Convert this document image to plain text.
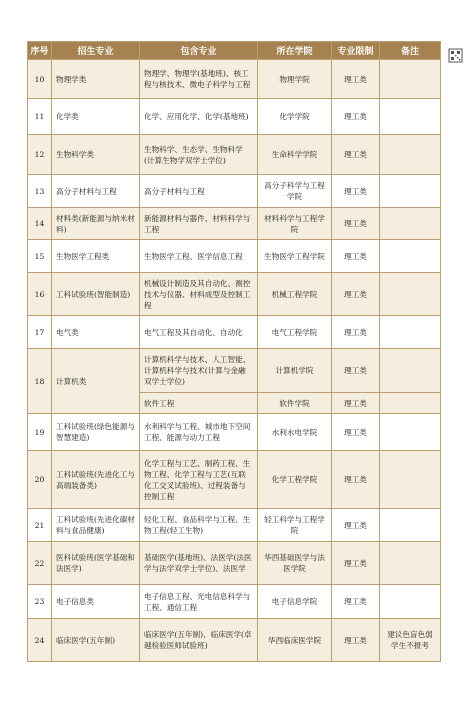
序号	招生专业	包含专业	所在学院	专业限制	备注
10	物理学类	物理学、物理学(基地班)、核工程与核技术、微电子科学与工程	物理学院	理工类	
11	化学类	化学、应用化学、化学(基地班)	化学学院	理工类	
12	生物科学类	生物科学、生态学、生物科学(计算生物学双学士学位)	生命科学学院	理工类	
13	高分子材料与工程	高分子材料与工程	高分子科学与工程学院	理工类	
14	材料类(新能源与纳米材料)	新能源材料与器件、材料科学与工程	材料科学与工程学院	理工类	
15	生物医学工程类	生物医学工程、医学信息工程	生物医学工程学院	理工类	
16	工科试验班(智能制造)	机械设计制造及其自动化、测控技术与仪器、材料成型及控制工程	机械工程学院	理工类	
17	电气类	电气工程及其自动化、自动化	电气工程学院	理工类	
18	计算机类	计算机科学与技术、人工智能、计算机科学与技术(计算与金融双学士学位)	计算机学院	理工类	
		软件工程	软件学院	理工类	
19	工科试验班(绿色能源与智慧建造)	水利科学与工程、城市地下空间工程、能源与动力工程	水利水电学院	理工类	
20	工科试验班(先进化工与高端装备类)	化学工程与工艺、制药工程、生物工程、化学工程与工艺(互联化工交叉试验班)、过程装备与控制工程	化学工程学院	理工类	
21	工科试验班(先进化碳材料与食品健康)	轻化工程、食品科学与工程、生物工程(轻工生物)	轻工科学与工程学院	理工类	
22	医科试验班(医学基础和法医学)	基础医学(基地班)、法医学(法医学与法学双学士学位)、法医学	华西基础医学与法医学院	理工类	
23	电子信息类	电子信息工程、光电信息科学与工程、通信工程	电子信息学院	理工类	
24	临床医学(五年制)	临床医学(五年制)、临床医学(卓越检验医师试验班)	华西临床医学院	理工类	建议色盲色弱学生不报考
